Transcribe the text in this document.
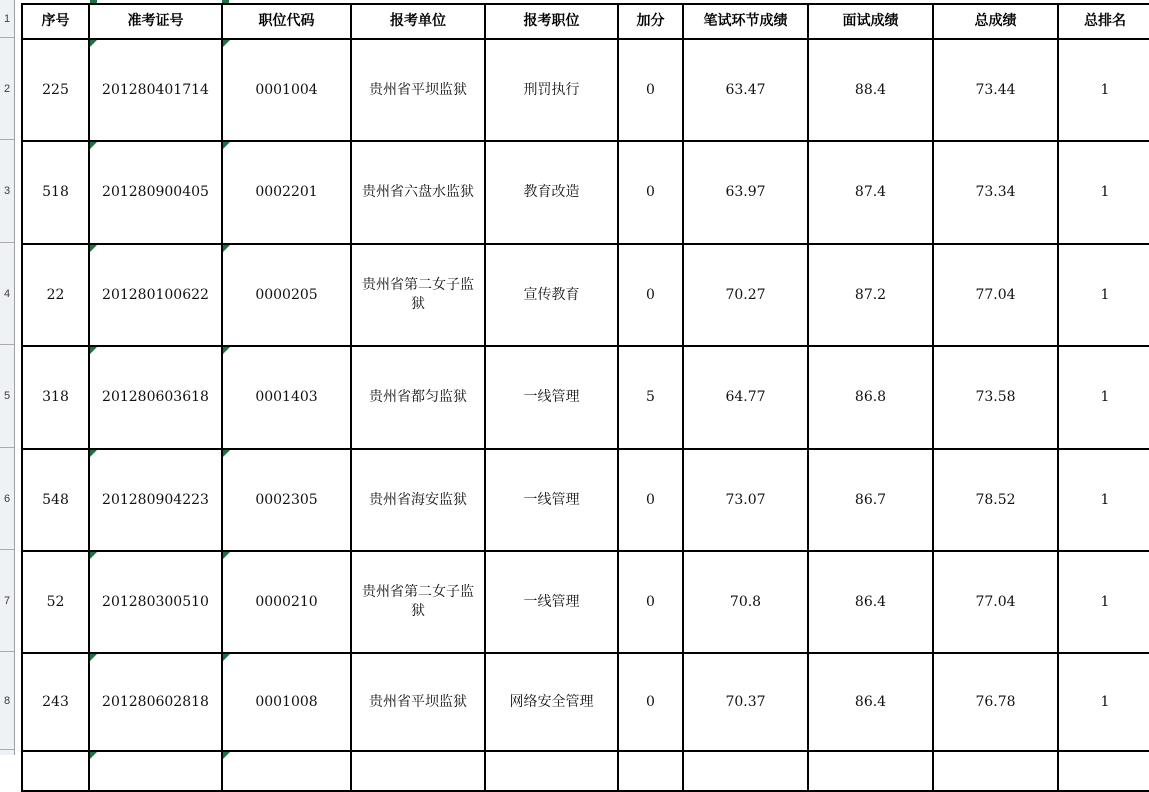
1
2
3
4
5
6
7
8
序号	准考证号	职位代码	报考单位	报考职位	加分	笔试环节成绩	面试成绩	总成绩	总排名
225	201280401714	0001004	贵州省平坝监狱	刑罚执行	0	63.47	88.4	73.44	1
518	201280900405	0002201	贵州省六盘水监狱	教育改造	0	63.97	87.4	73.34	1
22	201280100622	0000205	贵州省第二女子监狱	宣传教育	0	70.27	87.2	77.04	1
318	201280603618	0001403	贵州省都匀监狱	一线管理	5	64.77	86.8	73.58	1
548	201280904223	0002305	贵州省海安监狱	一线管理	0	73.07	86.7	78.52	1
52	201280300510	0000210	贵州省第二女子监狱	一线管理	0	70.8	86.4	77.04	1
243	201280602818	0001008	贵州省平坝监狱	网络安全管理	0	70.37	86.4	76.78	1
